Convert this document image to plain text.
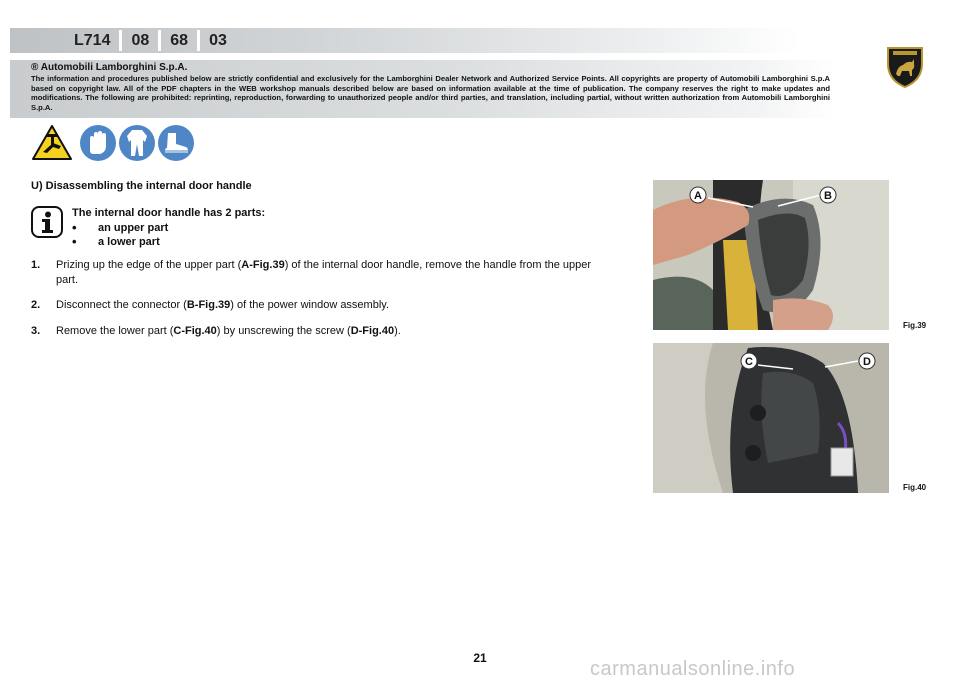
L714	08	68	03
® Automobili Lamborghini S.p.A.
The information and procedures published below are strictly confidential and exclusively for the Lamborghini Dealer Network and Authorized Service Points. All copyrights are property of Automobili Lamborghini S.p.A based on copyright law. All of the PDF chapters in the WEB workshop manuals described below are based on information available at the time of publication. The company reserves the right to make updates and modifications. The following are prohibited: reprinting, reproduction, forwarding to unauthorized people and/or third parties, and translation, including partial, without written authorization from Automobili Lamborghini S.p.A.
U) Disassembling the internal door handle
The internal door handle has 2 parts:
•	an upper part
•	a lower part
1.	Prizing up the edge of the upper part (A-Fig.39) of the internal door handle, remove the handle from the upper part.
2.	Disconnect the connector (B-Fig.39) of the power window assembly.
3.	Remove the lower part (C-Fig.40) by unscrewing the screw (D-Fig.40).
A	B
Fig.39
C	D
Fig.40
21	carmanualsonline.info
